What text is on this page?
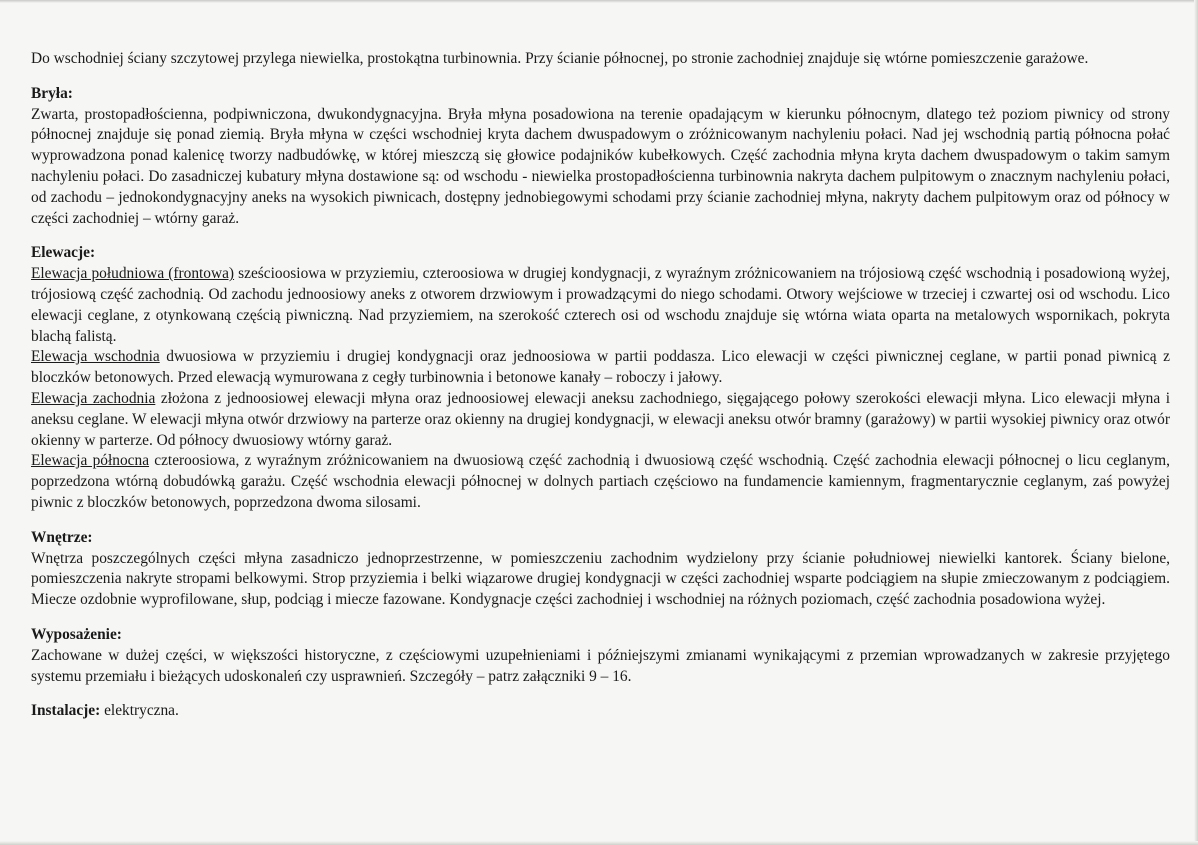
Do wschodniej ściany szczytowej przylega niewielka, prostokątna turbinownia. Przy ścianie północnej, po stronie zachodniej znajduje się wtórne pomieszczenie garażowe.

Bryła:

Zwarta, prostopadłościenna, podpiwniczona, dwukondygnacyjna. Bryła młyna posadowiona na terenie opadającym w kierunku północnym, dlatego też poziom piwnicy od strony północnej znajduje się ponad ziemią. Bryła młyna w części wschodniej kryta dachem dwuspadowym o zróżnicowanym nachyleniu połaci. Nad jej wschodnią partią północna połać wyprowadzona ponad kalenicę tworzy nadbudówkę, w której mieszczą się głowice podajników kubełkowych. Część zachodnia młyna kryta dachem dwuspadowym o takim samym nachyleniu połaci. Do zasadniczej kubatury młyna dostawione są: od wschodu - niewielka prostopadłościenna turbinownia nakryta dachem pulpitowym o znacznym nachyleniu połaci, od zachodu – jednokondygnacyjny aneks na wysokich piwnicach, dostępny jednobiegowymi schodami przy ścianie zachodniej młyna, nakryty dachem pulpitowym oraz od północy w części zachodniej – wtórny garaż.

Elewacje:

Elewacja południowa (frontowa) sześcioosiowa w przyziemiu, czteroosiowa w drugiej kondygnacji, z wyraźnym zróżnicowaniem na trójosiową część wschodnią i posadowioną wyżej, trójosiową część zachodnią. Od zachodu jednoosiowy aneks z otworem drzwiowym i prowadzącymi do niego schodami. Otwory wejściowe w trzeciej i czwartej osi od wschodu. Lico elewacji ceglane, z otynkowaną częścią piwniczną. Nad przyziemiem, na szerokość czterech osi od wschodu znajduje się wtórna wiata oparta na metalowych wspornikach, pokryta blachą falistą.

Elewacja wschodnia dwuosiowa w przyziemiu i drugiej kondygnacji oraz jednoosiowa w partii poddasza. Lico elewacji w części piwnicznej ceglane, w partii ponad piwnicą z bloczków betonowych. Przed elewacją wymurowana z cegły turbinownia i betonowe kanały – roboczy i jałowy.

Elewacja zachodnia złożona z jednoosiowej elewacji młyna oraz jednoosiowej elewacji aneksu zachodniego, sięgającego połowy szerokości elewacji młyna. Lico elewacji młyna i aneksu ceglane. W elewacji młyna otwór drzwiowy na parterze oraz okienny na drugiej kondygnacji, w elewacji aneksu otwór bramny (garażowy) w partii wysokiej piwnicy oraz otwór okienny w parterze. Od północy dwuosiowy wtórny garaż.

Elewacja północna czteroosiowa, z wyraźnym zróżnicowaniem na dwuosiową część zachodnią i dwuosiową część wschodnią. Część zachodnia elewacji północnej o licu ceglanym, poprzedzona wtórną dobudówką garażu. Część wschodnia elewacji północnej w dolnych partiach częściowo na fundamencie kamiennym, fragmentarycznie ceglanym, zaś powyżej piwnic z bloczków betonowych, poprzedzona dwoma silosami.

Wnętrze:

Wnętrza poszczególnych części młyna zasadniczo jednoprzestrzenne, w pomieszczeniu zachodnim wydzielony przy ścianie południowej niewielki kantorek. Ściany bielone, pomieszczenia nakryte stropami belkowymi. Strop przyziemia i belki wiązarowe drugiej kondygnacji w części zachodniej wsparte podciągiem na słupie zmieczowanym z podciągiem. Miecze ozdobnie wyprofilowane, słup, podciąg i miecze fazowane. Kondygnacje części zachodniej i wschodniej na różnych poziomach, część zachodnia posadowiona wyżej.

Wyposażenie:

Zachowane w dużej części, w większości historyczne, z częściowymi uzupełnieniami i późniejszymi zmianami wynikającymi z przemian wprowadzanych w zakresie przyjętego systemu przemiału i bieżących udoskonaleń czy usprawnień. Szczegóły – patrz załączniki 9 – 16.

Instalacje: elektryczna.
